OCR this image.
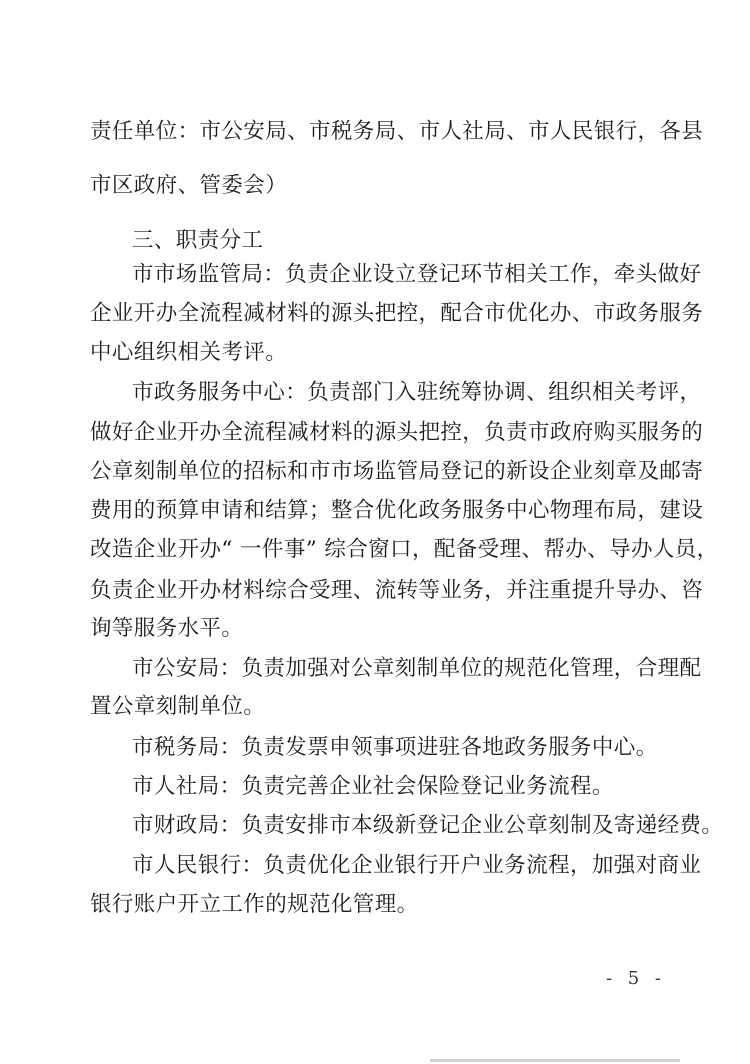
责任单位：市公安局、市税务局、市人社局、市人民银行，各县
市区政府、管委会）
三、职责分工
市市场监管局：负责企业设立登记环节相关工作，牵头做好
企业开办全流程减材料的源头把控，配合市优化办、市政务服务
中心组织相关考评。
市政务服务中心：负责部门入驻统筹协调、组织相关考评，
做好企业开办全流程减材料的源头把控，负责市政府购买服务的
公章刻制单位的招标和市市场监管局登记的新设企业刻章及邮寄
费用的预算申请和结算；整合优化政务服务中心物理布局，建设
改造企业开办“ 一件事” 综合窗口，配备受理、帮办、导办人员，
负责企业开办材料综合受理、流转等业务，并注重提升导办、咨
询等服务水平。
市公安局：负责加强对公章刻制单位的规范化管理，合理配
置公章刻制单位。
市税务局：负责发票申领事项进驻各地政务服务中心。
市人社局：负责完善企业社会保险登记业务流程。
市财政局：负责安排市本级新登记企业公章刻制及寄递经费。
市人民银行：负责优化企业银行开户业务流程，加强对商业
银行账户开立工作的规范化管理。
- 5 -
